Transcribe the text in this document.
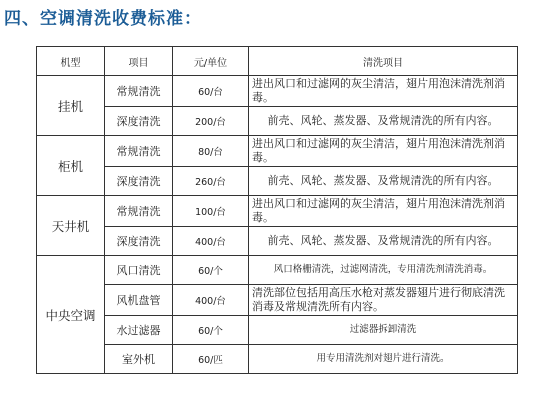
四、空调清洗收费标准：
机型	项目	元/单位	清洗项目
挂机	常规清洗	60/台	进出风口和过滤网的灰尘清洁，翅片用泡沫清洗剂消毒。
	深度清洗	200/台	前壳、风轮、蒸发器、及常规清洗的所有内容。
柜机	常规清洗	80/台	进出风口和过滤网的灰尘清洁，翅片用泡沫清洗剂消毒。
	深度清洗	260/台	前壳、风轮、蒸发器、及常规清洗的所有内容。
天井机	常规清洗	100/台	进出风口和过滤网的灰尘清洁，翅片用泡沫清洗剂消毒。
	深度清洗	400/台	前壳、风轮、蒸发器、及常规清洗的所有内容。
中央空调	风口清洗	60/个	风口格栅清洗，过滤网清洗，专用清洗剂清洗消毒。
	风机盘管	400/台	清洗部位包括用高压水枪对蒸发器翅片进行彻底清洗消毒及常规清洗所有内容。
	水过滤器	60/个	过滤器拆卸清洗
	室外机	60/匹	用专用清洗剂对翅片进行清洗。
